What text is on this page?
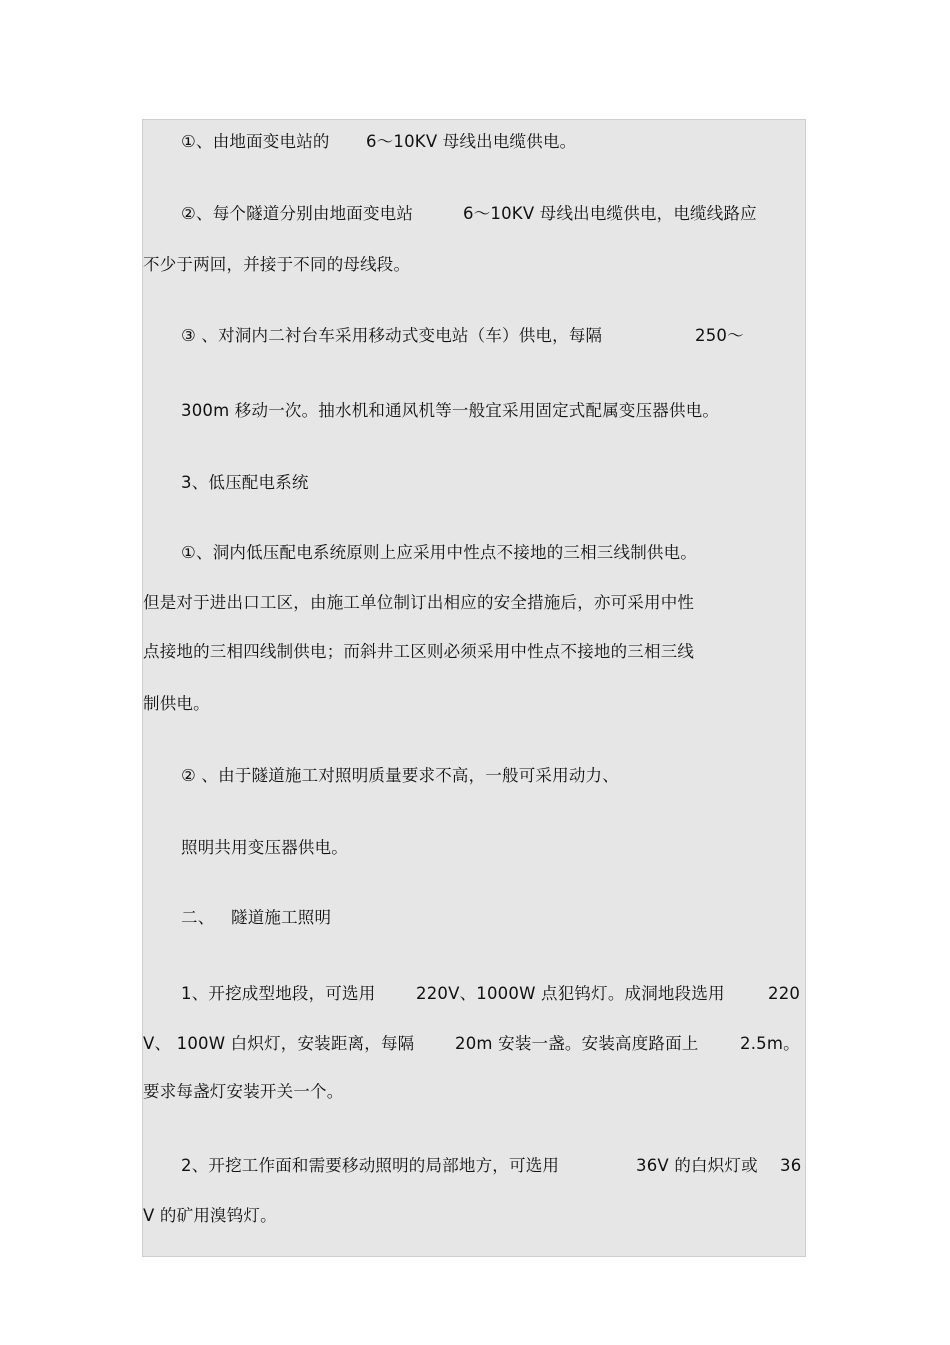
①、由地面变电站的 6～10KV 母线出电缆供电。
②、每个隧道分别由地面变电站	6～10KV 母线出电缆供电，电缆线路应
不少于两回，并接于不同的母线段。
③ 、对洞内二衬台车采用移动式变电站（车）供电，每隔	250～
300m 移动一次。抽水机和通风机等一般宜采用固定式配属变压器供电。
3、低压配电系统
①、洞内低压配电系统原则上应采用中性点不接地的三相三线制供电。
但是对于进出口工区，由施工单位制订出相应的安全措施后，亦可采用中性
点接地的三相四线制供电；而斜井工区则必须采用中性点不接地的三相三线
制供电。
② 、由于隧道施工对照明质量要求不高，一般可采用动力、
照明共用变压器供电。
二、 隧道施工照明
1、开挖成型地段，可选用 220V、1000W 点犯钨灯。成洞地段选用	220
V、 100W 白炽灯，安装距离，每隔 20m 安装一盏。安装高度路面上	2.5m。
要求每盏灯安装开关一个。
2、开挖工作面和需要移动照明的局部地方，可选用	36V 的白炽灯或 36
V 的矿用溴钨灯。
